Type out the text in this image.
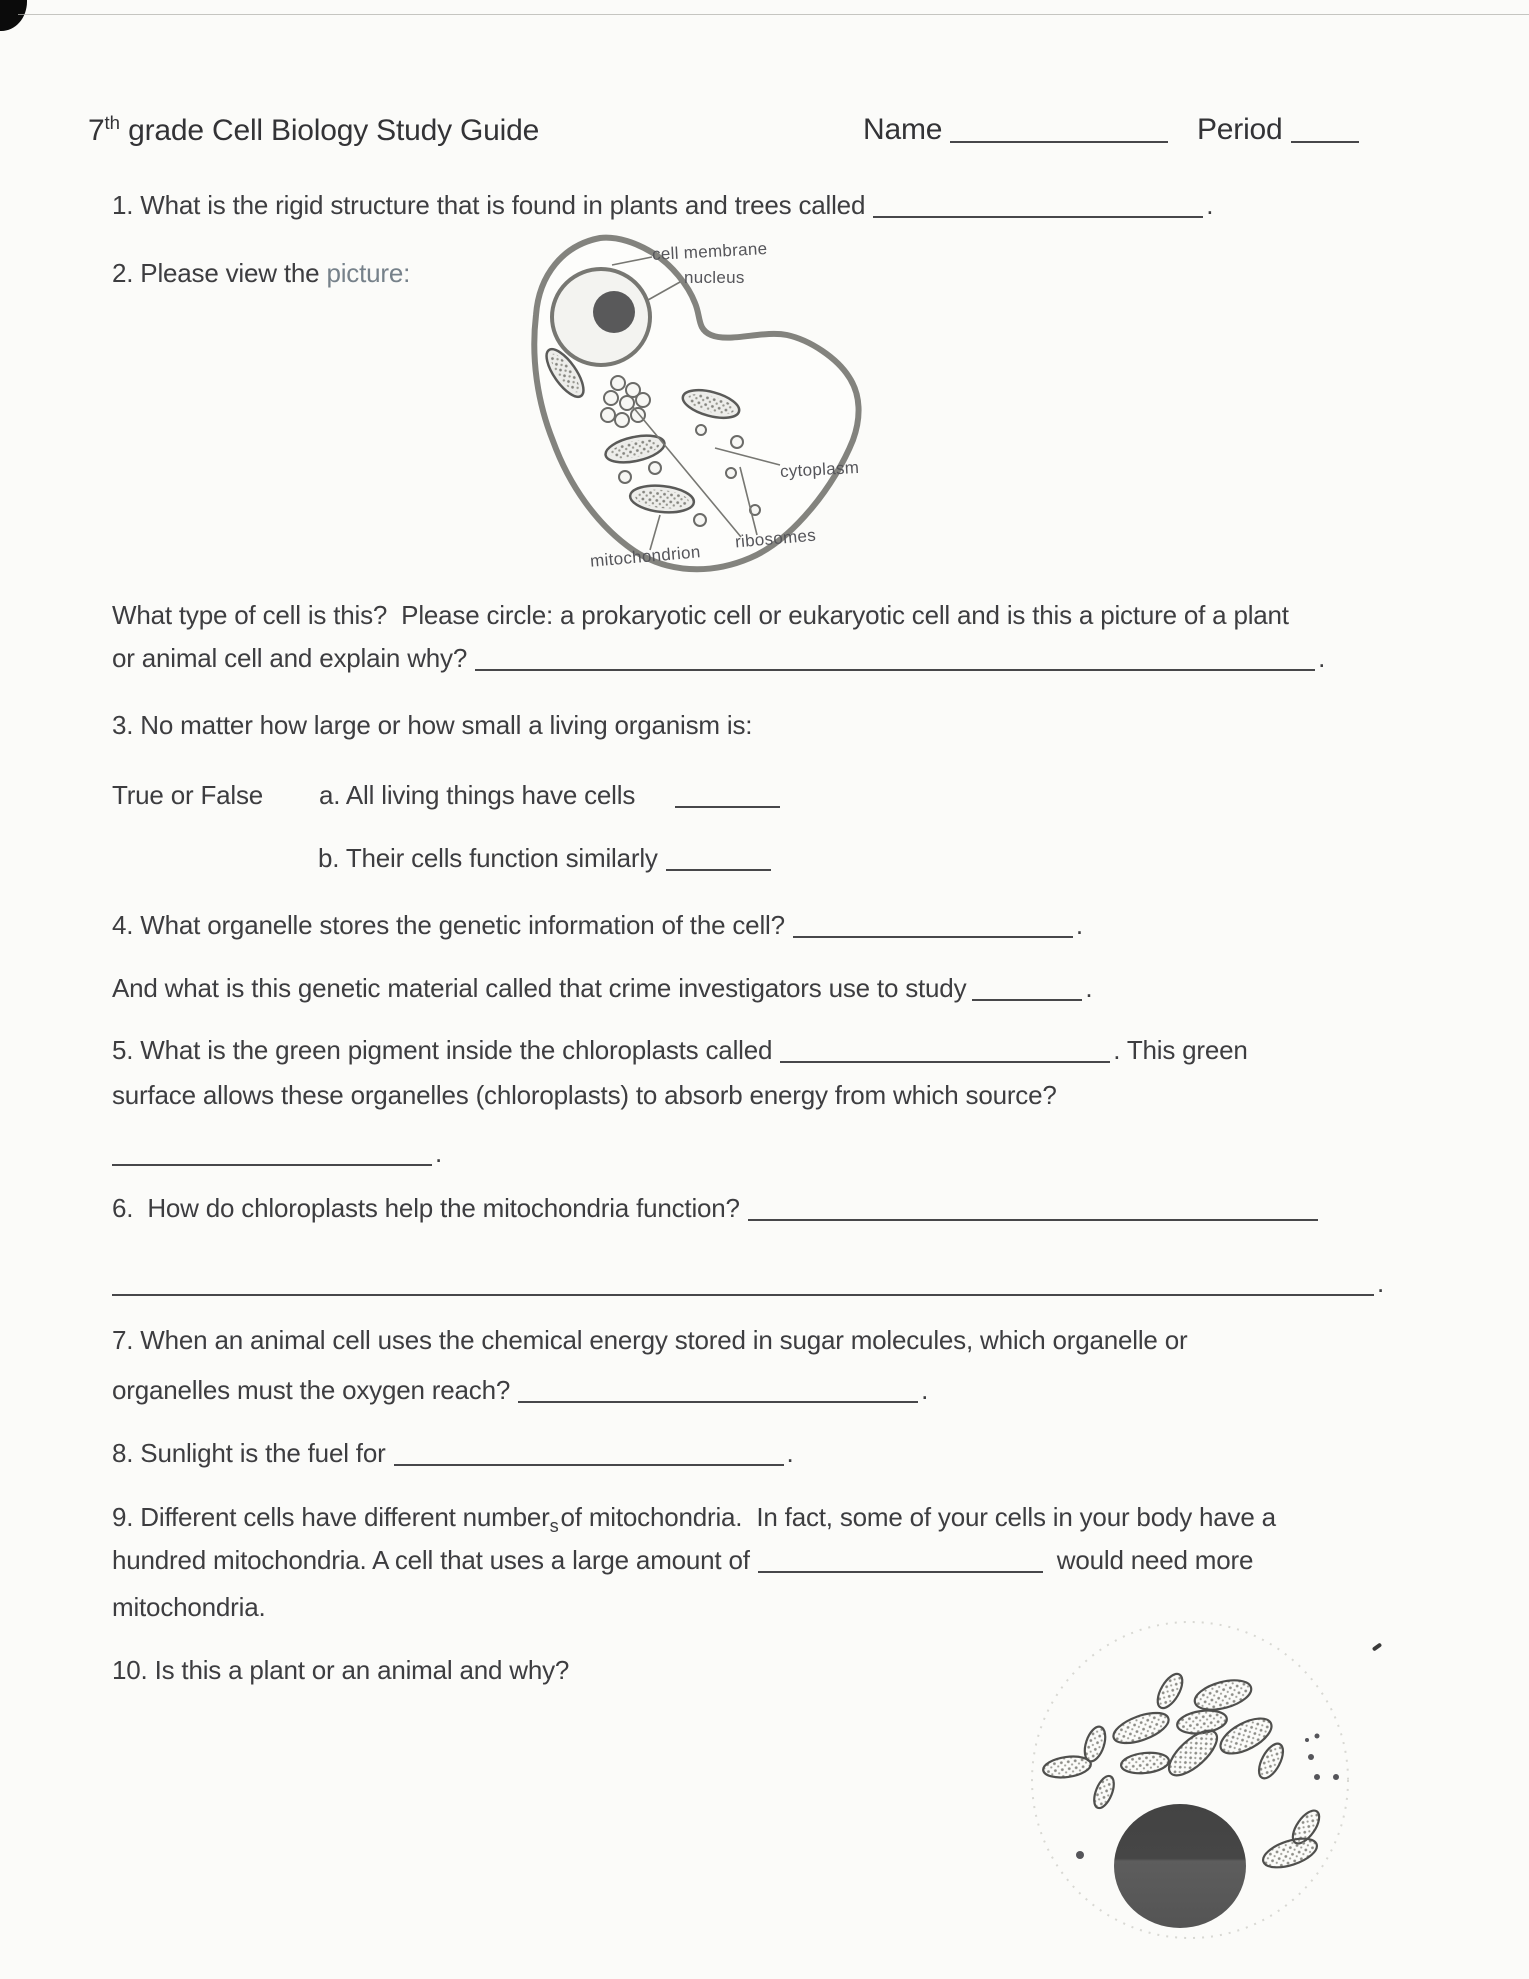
7th grade Cell Biology Study Guide	Name	Period
1. What is the rigid structure that is found in plants and trees called	.
2. Please view the picture:
cell membrane
nucleus
cytoplasm
ribosomes
mitochondrion
What type of cell is this?  Please circle: a prokaryotic cell or eukaryotic cell and is this a picture of a plant
or animal cell and explain why?	.
3. No matter how large or how small a living organism is:
True or False a. All living things have cells
b. Their cells function similarly
4. What organelle stores the genetic information of the cell?	.
And what is this genetic material called that crime investigators use to study	.
5. What is the green pigment inside the chloroplasts called	. This green
surface allows these organelles (chloroplasts) to absorb energy from which source?
.
6.  How do chloroplasts help the mitochondria function?
.
7. When an animal cell uses the chemical energy stored in sugar molecules, which organelle or
organelles must the oxygen reach?	.
8. Sunlight is the fuel for	.
9. Different cells have different number$_s$of mitochondria.  In fact, some of your cells in your body have a
hundred mitochondria. A cell that uses a large amount of	would need more
mitochondria.
10. Is this a plant or an animal and why?
